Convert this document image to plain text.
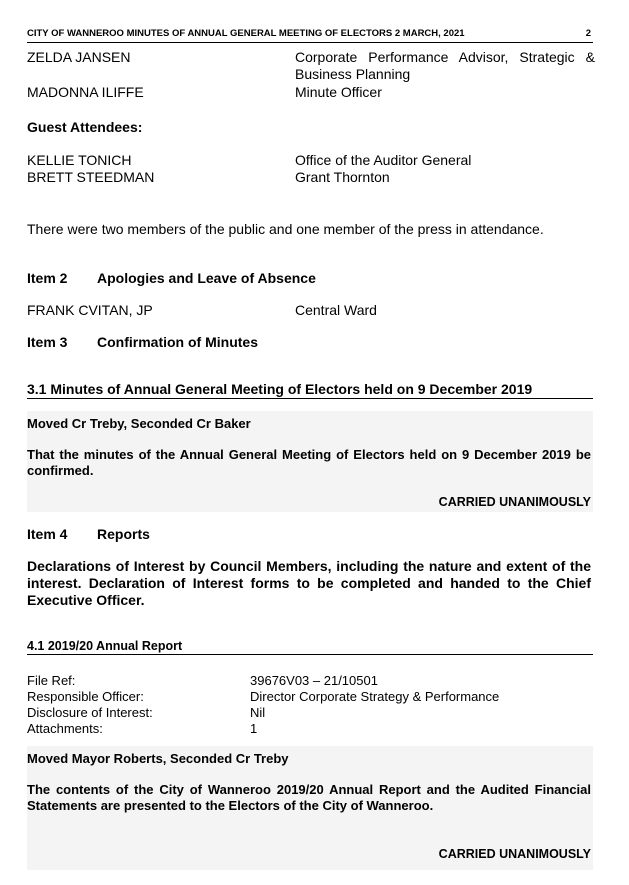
CITY OF WANNEROO MINUTES OF ANNUAL GENERAL MEETING OF ELECTORS 2 MARCH, 2021	2
ZELDA JANSEN	Corporate Performance Advisor, Strategic & Business Planning
MADONNA ILIFFE	Minute Officer
Guest Attendees:
KELLIE TONICH	Office of the Auditor General
BRETT STEEDMAN	Grant Thornton
There were two members of the public and one member of the press in attendance.
Item 2 Apologies and Leave of Absence
FRANK CVITAN, JP	Central Ward
Item 3 Confirmation of Minutes
3.1 Minutes of Annual General Meeting of Electors held on 9 December 2019
Moved Cr Treby, Seconded Cr Baker
That the minutes of the Annual General Meeting of Electors held on 9 December 2019 be confirmed.
CARRIED UNANIMOUSLY
Item 4 Reports
Declarations of Interest by Council Members, including the nature and extent of the interest. Declaration of Interest forms to be completed and handed to the Chief Executive Officer.
4.1 2019/20 Annual Report
File Ref:	39676V03 – 21/10501
Responsible Officer:	Director Corporate Strategy & Performance
Disclosure of Interest:	Nil
Attachments:	1
Moved Mayor Roberts, Seconded Cr Treby
The contents of the City of Wanneroo 2019/20 Annual Report and the Audited Financial Statements are presented to the Electors of the City of Wanneroo.
CARRIED UNANIMOUSLY
